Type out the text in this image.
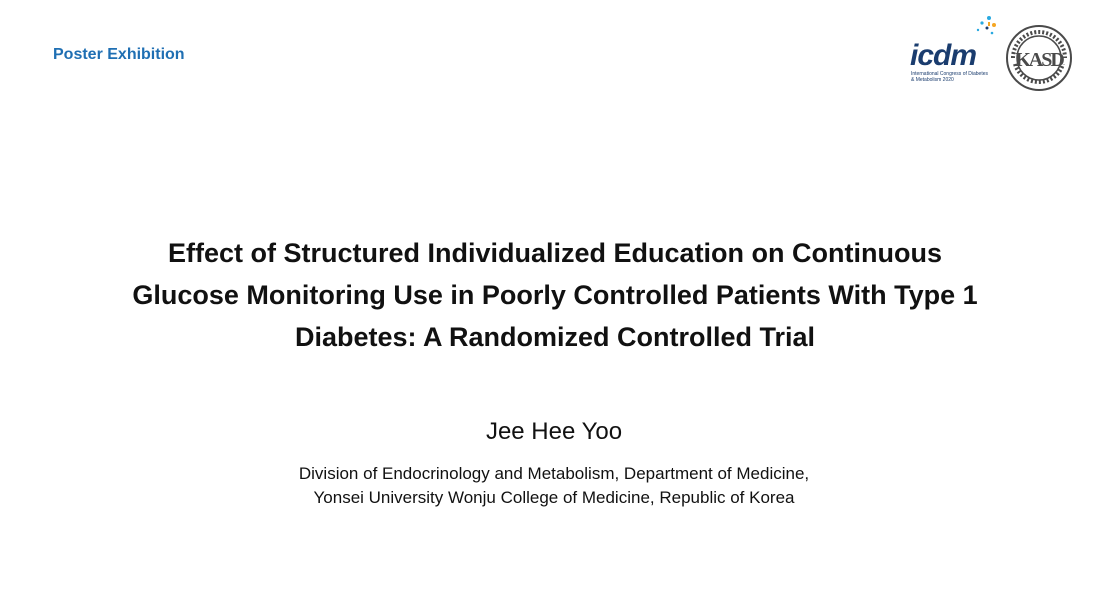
Poster Exhibition	icdm
International Congress of Diabetes & Metabolism 2020
KASD
Effect of Structured Individualized Education on Continuous
Glucose Monitoring Use in Poorly Controlled Patients With Type 1
Diabetes: A Randomized Controlled Trial
Jee Hee Yoo
Division of Endocrinology and Metabolism, Department of Medicine,
Yonsei University Wonju College of Medicine, Republic of Korea
